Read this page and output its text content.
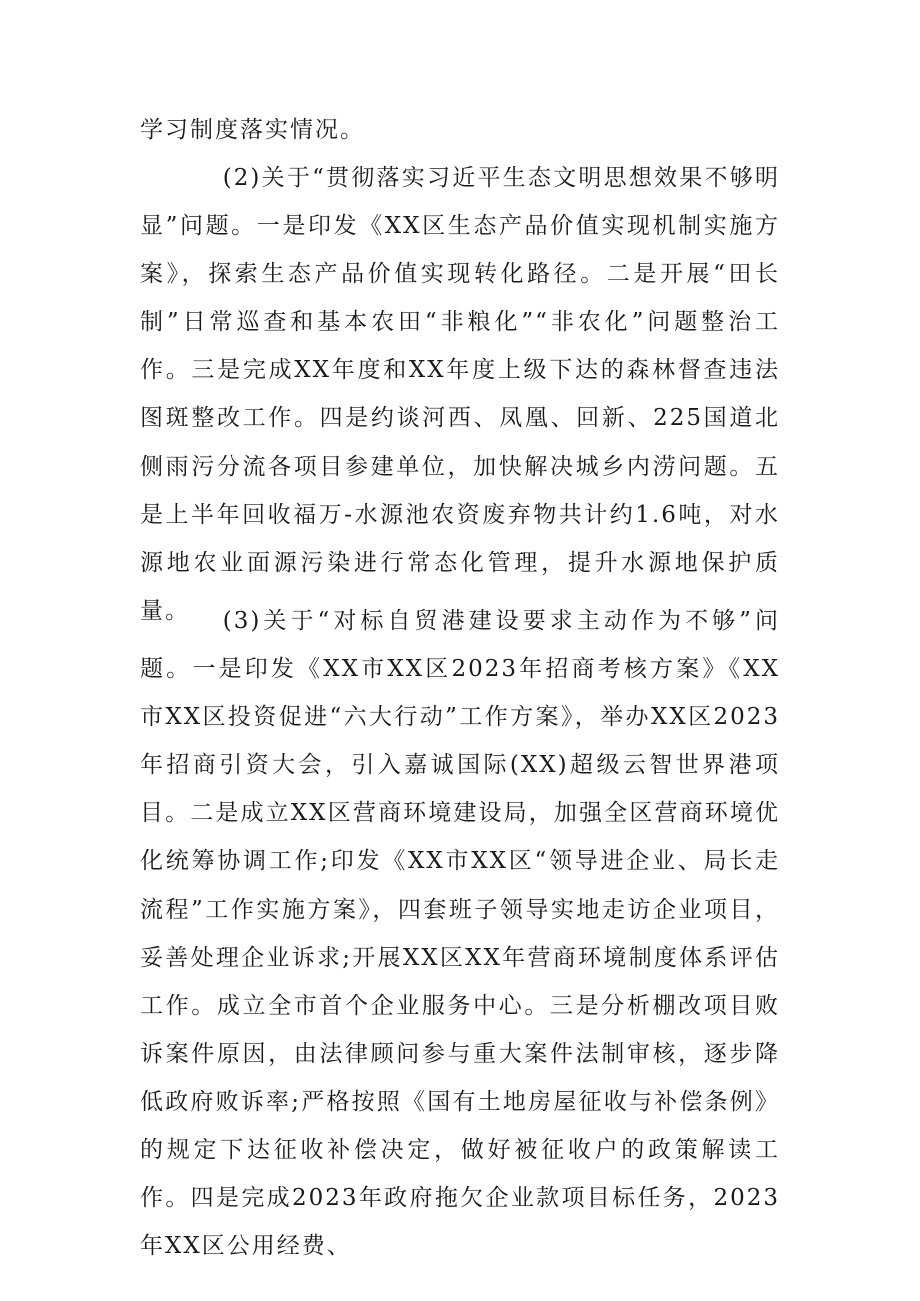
学习制度落实情况。

(2)关于“贯彻落实习近平生态文明思想效果不够明显”问题。一是印发《XX区生态产品价值实现机制实施方案》，探索生态产品价值实现转化路径。二是开展“田长制”日常巡查和基本农田“非粮化”“非农化”问题整治工作。三是完成XX年度和XX年度上级下达的森林督查违法图斑整改工作。四是约谈河西、凤凰、回新、225国道北侧雨污分流各项目参建单位，加快解决城乡内涝问题。五是上半年回收福万-水源池农资废弃物共计约1.6吨，对水源地农业面源污染进行常态化管理，提升水源地保护质量。	(3)关于“对标自贸港建设要求主动作为不够”问题。一是印发《XX市XX区2023年招商考核方案》《XX市XX区投资促进“六大行动”工作方案》，举办XX区2023年招商引资大会，引入嘉诚国际(XX)超级云智世界港项目。二是成立XX区营商环境建设局，加强全区营商环境优化统筹协调工作;印发《XX市XX区“领导进企业、局长走流程”工作实施方案》，四套班子领导实地走访企业项目，妥善处理企业诉求;开展XX区XX年营商环境制度体系评估工作。成立全市首个企业服务中心。三是分析棚改项目败诉案件原因，由法律顾问参与重大案件法制审核，逐步降低政府败诉率;严格按照《国有土地房屋征收与补偿条例》的规定下达征收补偿决定，做好被征收户的政策解读工作。四是完成2023年政府拖欠企业款项目标任务，2023年XX区公用经费、
